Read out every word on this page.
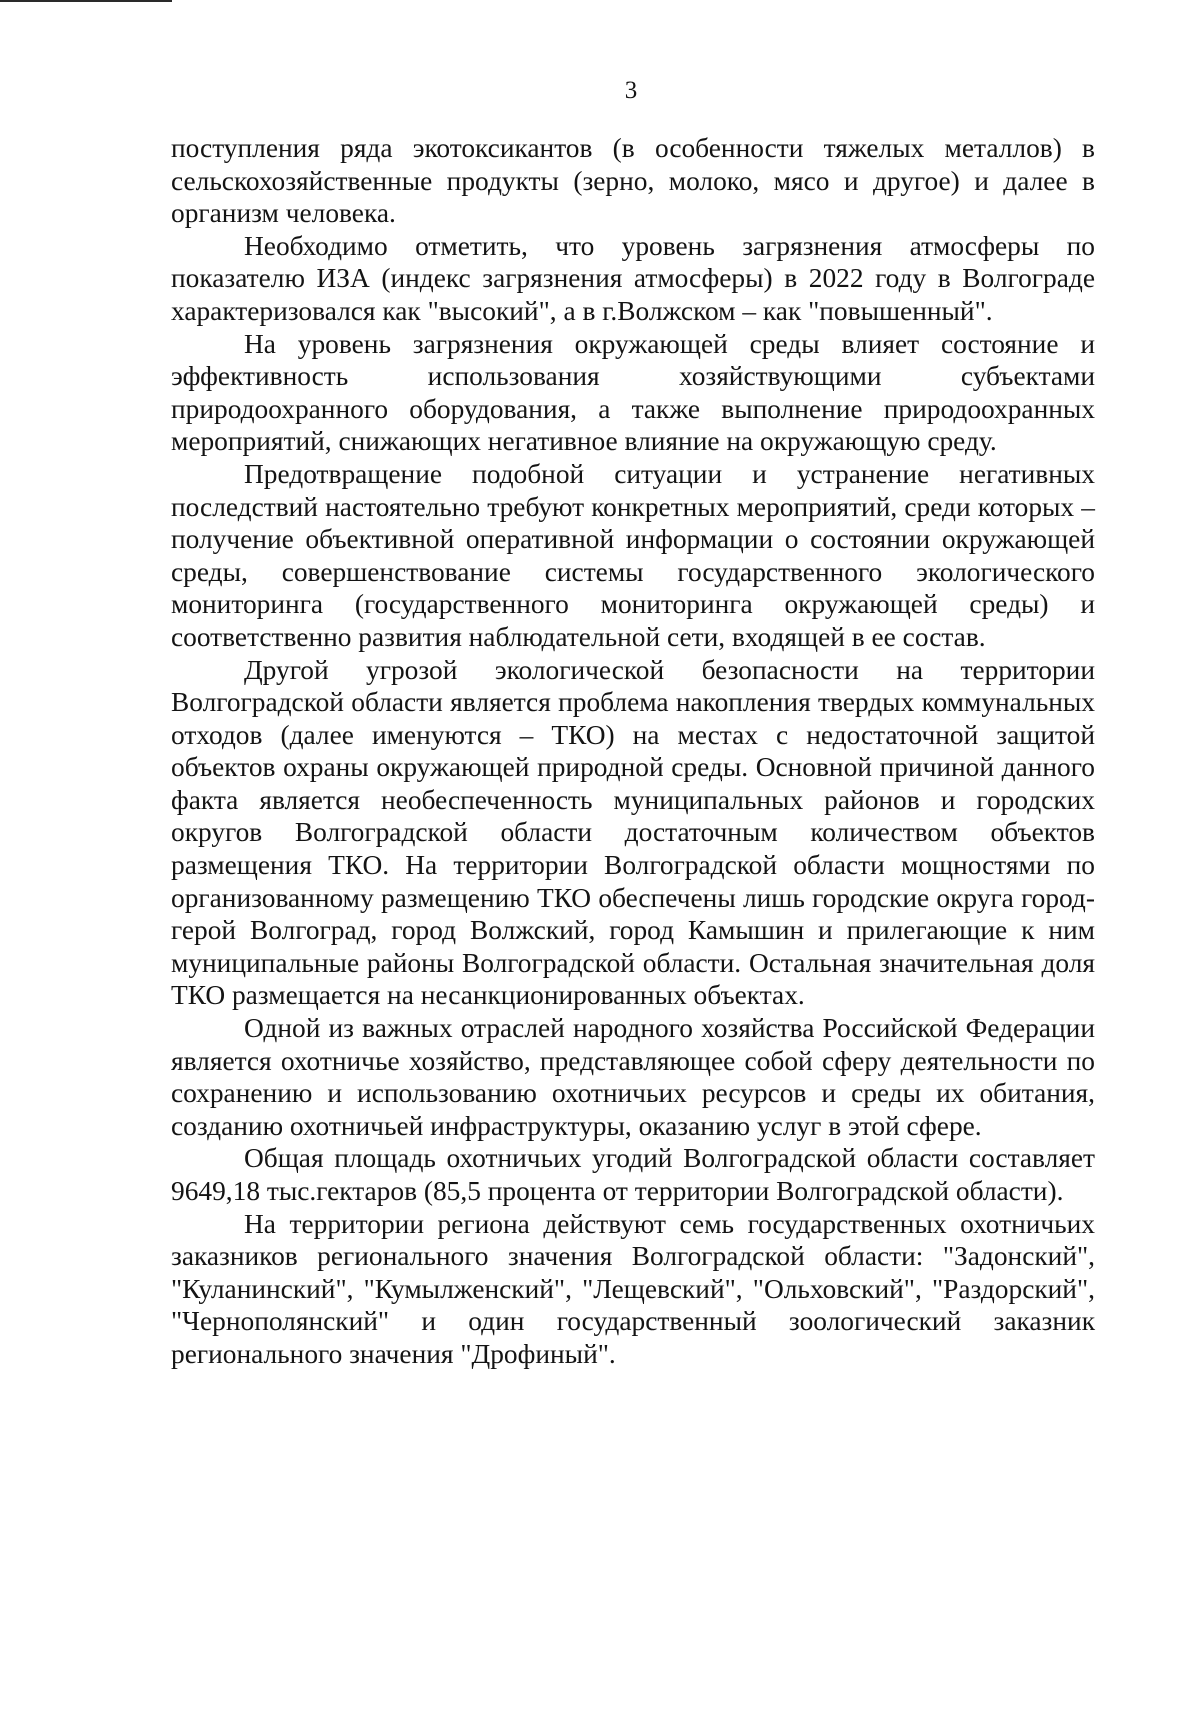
3

поступления ряда экотоксикантов (в особенности тяжелых металлов) в сельскохозяйственные продукты (зерно, молоко, мясо и другое) и далее в организм человека.

Необходимо отметить, что уровень загрязнения атмосферы по показателю ИЗА (индекс загрязнения атмосферы) в 2022 году в Волгограде характеризовался как "высокий", а в г.Волжском – как "повышенный".

На уровень загрязнения окружающей среды влияет состояние и эффективность использования хозяйствующими субъектами природоохранного оборудования, а также выполнение природоохранных мероприятий, снижающих негативное влияние на окружающую среду.

Предотвращение подобной ситуации и устранение негативных последствий настоятельно требуют конкретных мероприятий, среди которых – получение объективной оперативной информации о состоянии окружающей среды, совершенствование системы государственного экологического мониторинга (государственного мониторинга окружающей среды) и соответственно развития наблюдательной сети, входящей в ее состав.

Другой угрозой экологической безопасности на территории Волгоградской области является проблема накопления твердых коммунальных отходов (далее именуются – ТКО) на местах с недостаточной защитой объектов охраны окружающей природной среды. Основной причиной данного факта является необеспеченность муниципальных районов и городских округов Волгоградской области достаточным количеством объектов размещения ТКО. На территории Волгоградской области мощностями по организованному размещению ТКО обеспечены лишь городские округа город-герой Волгоград, город Волжский, город Камышин и прилегающие к ним муниципальные районы Волгоградской области. Остальная значительная доля ТКО размещается на несанкционированных объектах.

Одной из важных отраслей народного хозяйства Российской Федерации является охотничье хозяйство, представляющее собой сферу деятельности по сохранению и использованию охотничьих ресурсов и среды их обитания, созданию охотничьей инфраструктуры, оказанию услуг в этой сфере.

Общая площадь охотничьих угодий Волгоградской области составляет 9649,18 тыс.гектаров (85,5 процента от территории Волгоградской области).

На территории региона действуют семь государственных охотничьих заказников регионального значения Волгоградской области: "Задонский", "Куланинский", "Кумылженский", "Лещевский", "Ольховский", "Раздорский", "Чернополянский" и один государственный зоологический заказник регионального значения "Дрофиный".
